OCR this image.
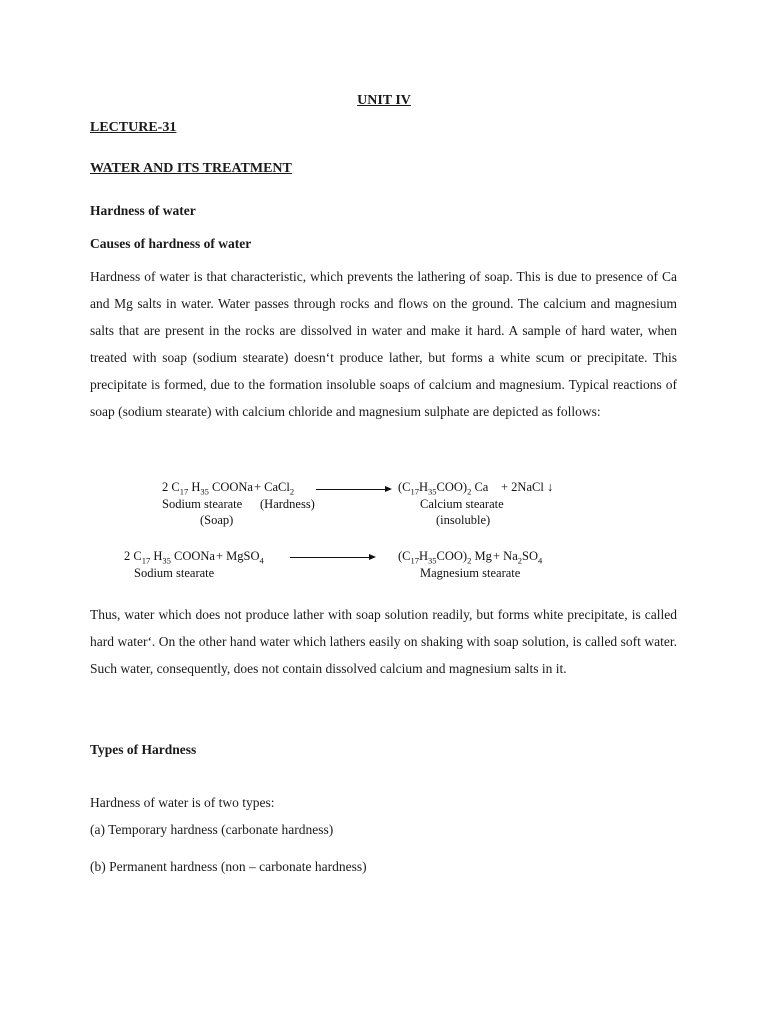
UNIT IV
LECTURE-31
WATER AND ITS TREATMENT
Hardness of water
Causes of hardness of water
Hardness of water is that characteristic, which prevents the lathering of soap. This is due to presence of Ca and Mg salts in water. Water passes through rocks and flows on the ground. The calcium and magnesium salts that are present in the rocks are dissolved in water and make it hard. A sample of hard water, when treated with soap (sodium stearate) doesn‘t produce lather, but forms a white scum or precipitate. This precipitate is formed, due to the formation insoluble soaps of calcium and magnesium. Typical reactions of soap (sodium stearate) with calcium chloride and magnesium sulphate are depicted as follows:
2 $C_{17}$ $H_{35}$ COONa + CaCl$_2$	$(C_{17}H_{35}COO)_2$ Ca + 2NaCl ↓
Sodium stearate (Hardness)
(Soap)
Calcium stearate
(insoluble)
2 $C_{17}$ $H_{35}$ COONa + MgSO$_4$	$(C_{17}H_{35}COO)_2$ $Mg + Na_2SO_4$
Sodium stearate	Magnesium stearate
Thus, water which does not produce lather with soap solution readily, but forms white precipitate, is called hard water‘. On the other hand water which lathers easily on shaking with soap solution, is called soft water. Such water, consequently, does not contain dissolved calcium and magnesium salts in it.
Types of Hardness
Hardness of water is of two types:
(a) Temporary hardness (carbonate hardness)
(b) Permanent hardness (non – carbonate hardness)
